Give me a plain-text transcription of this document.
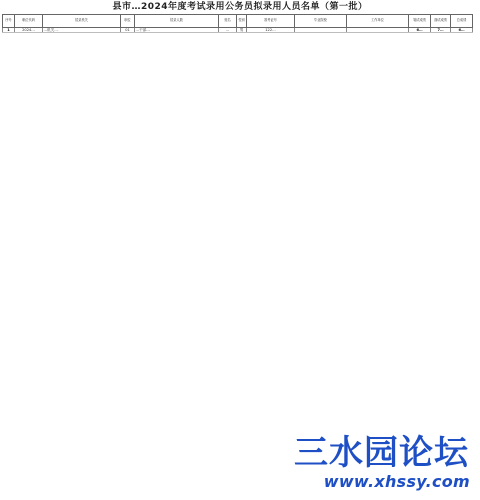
县市…2024年度考试录用公务员拟录用人员名单（第一批）
序号	职位代码	招录机关	职位	招录人数	姓名	性别	准考证号	毕业院校	工作单位	笔试成绩	面试成绩	总成绩
1	2024…	…机关…	01	…干部…	…	男	122…			6…	7…	6…
三 水 园 论 坛
www.xhssy.com
